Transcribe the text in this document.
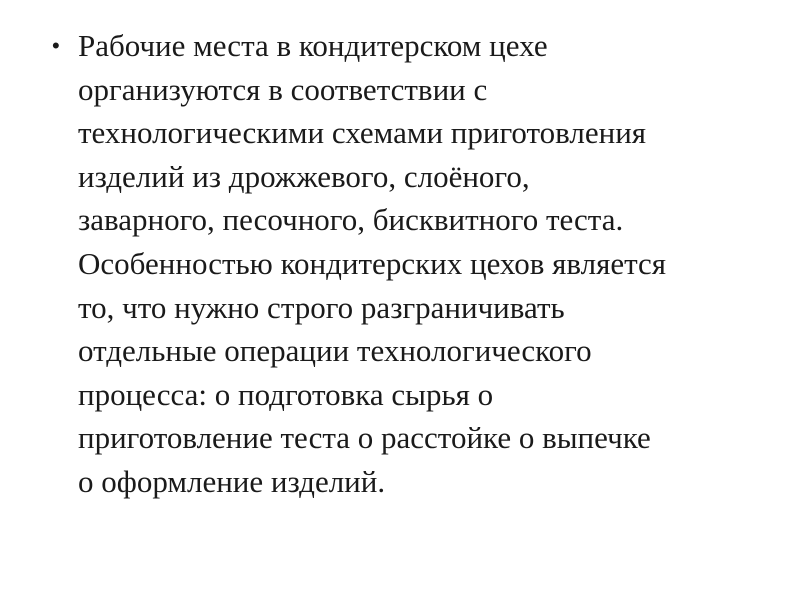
• Рабочие места в кондитерском цехе
организуются в соответствии с
технологическими схемами приготовления
изделий из дрожжевого, слоёного,
заварного, песочного, бисквитного теста.
Особенностью кондитерских цехов является
то, что нужно строго разграничивать
отдельные операции технологического
процесса: о подготовка сырья о
приготовление теста о расстойке о выпечке
о оформление изделий.
